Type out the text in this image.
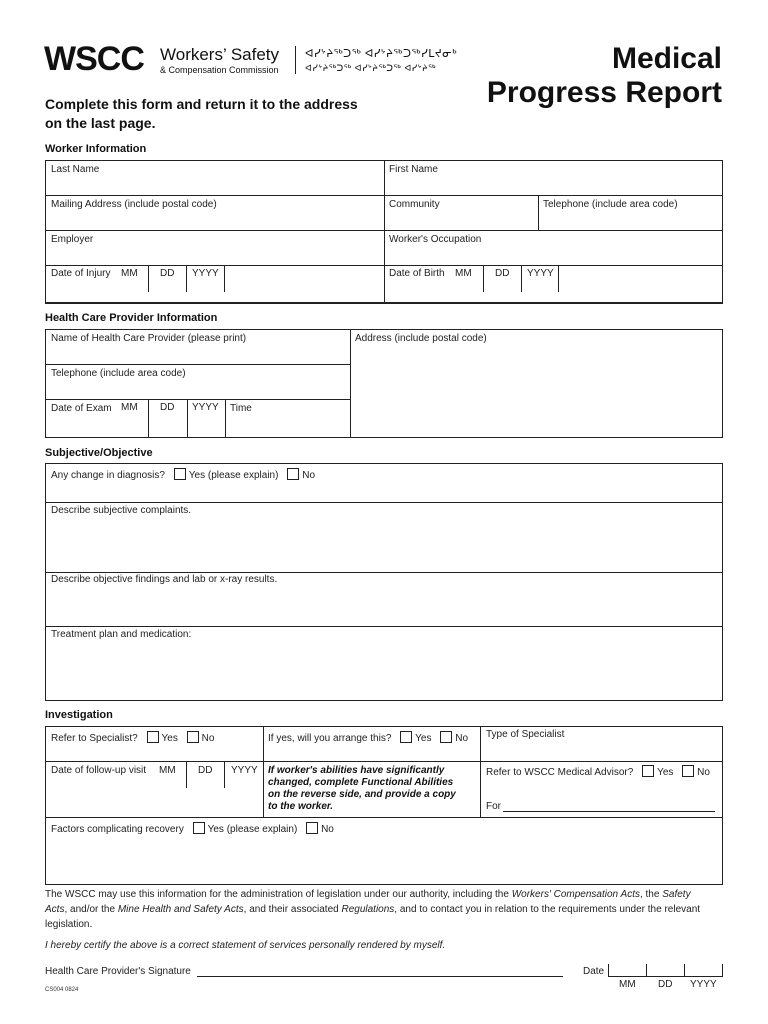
WSCC Workers’ Safety
& Compensation Commission
ᐊᓯᔾᔨᖅᑐᖅ ᐊᓯᔾᔨᖅᑐᖅᓯᒪᔪᓂᒃ
ᐊᓯᔾᔨᖅᑐᖅ ᐊᓯᔾᔨᖅᑐᖅ ᐊᓯᔾᔨᖅ	Medical
Progress Report
Complete this form and return it to the address
on the last page.
Worker Information
Last Name	First Name
Mailing Address (include postal code)	Community	Telephone (include area code)
Employer	Worker's Occupation
Date of Injury MM DD YYYY	Date of Birth MM DD YYYY
Health Care Provider Information
Name of Health Care Provider (please print)	Address (include postal code)
Telephone (include area code)
Date of Exam MM DD YYYY Time
Subjective/Objective
Any change in diagnosis? Yes (please explain) No
Describe subjective complaints.
Describe objective findings and lab or x-ray results.
Treatment plan and medication:
Investigation
Refer to Specialist? Yes No	If yes, will you arrange this? Yes No Type of Specialist
Date of follow-up visit MM DD YYYY If worker's abilities have significantly
changed, complete Functional Abilities
on the reverse side, and provide a copy
to the worker.
Refer to WSCC Medical Advisor? Yes No
For
Factors complicating recovery Yes (please explain) No
The WSCC may use this information for the administration of legislation under our authority, including the Workers' Compensation Acts, the Safety
Acts, and/or the Mine Health and Safety Acts, and their associated Regulations, and to contact you in relation to the requirements under the relevant
legislation.
I hereby certify the above is a correct statement of services personally rendered by myself.
Health Care Provider's Signature	Date
MM DD YYYY
CS004 0824
